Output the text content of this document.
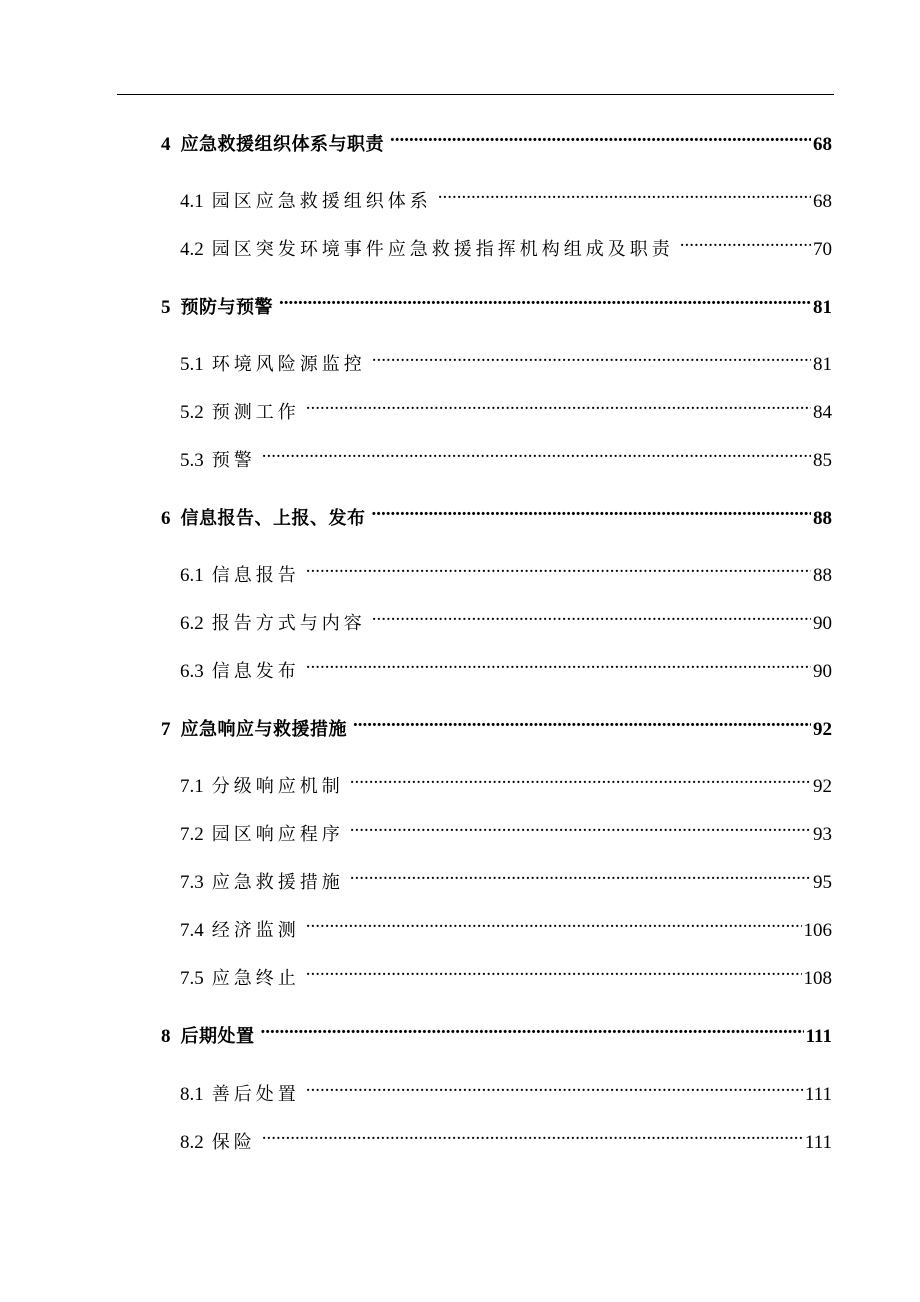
4 应急救援组织体系与职责 .....	68
4.1 园区应急救援组织体系 .....	68
4.2 园区突发环境事件应急救援指挥机构组成及职责 .....	70
5 预防与预警 .....	81
5.1 环境风险源监控 .....	81
5.2 预测工作 .....	84
5.3 预警 .....	85
6 信息报告、上报、发布 .....	88
6.1 信息报告 .....	88
6.2 报告方式与内容 .....	90
6.3 信息发布 .....	90
7 应急响应与救援措施 .....	92
7.1 分级响应机制 .....	92
7.2 园区响应程序 .....	93
7.3 应急救援措施 .....	95
7.4 经济监测 .....	106
7.5 应急终止 .....	108
8 后期处置 .....	111
8.1 善后处置 .....	111
8.2 保险 .....	111
